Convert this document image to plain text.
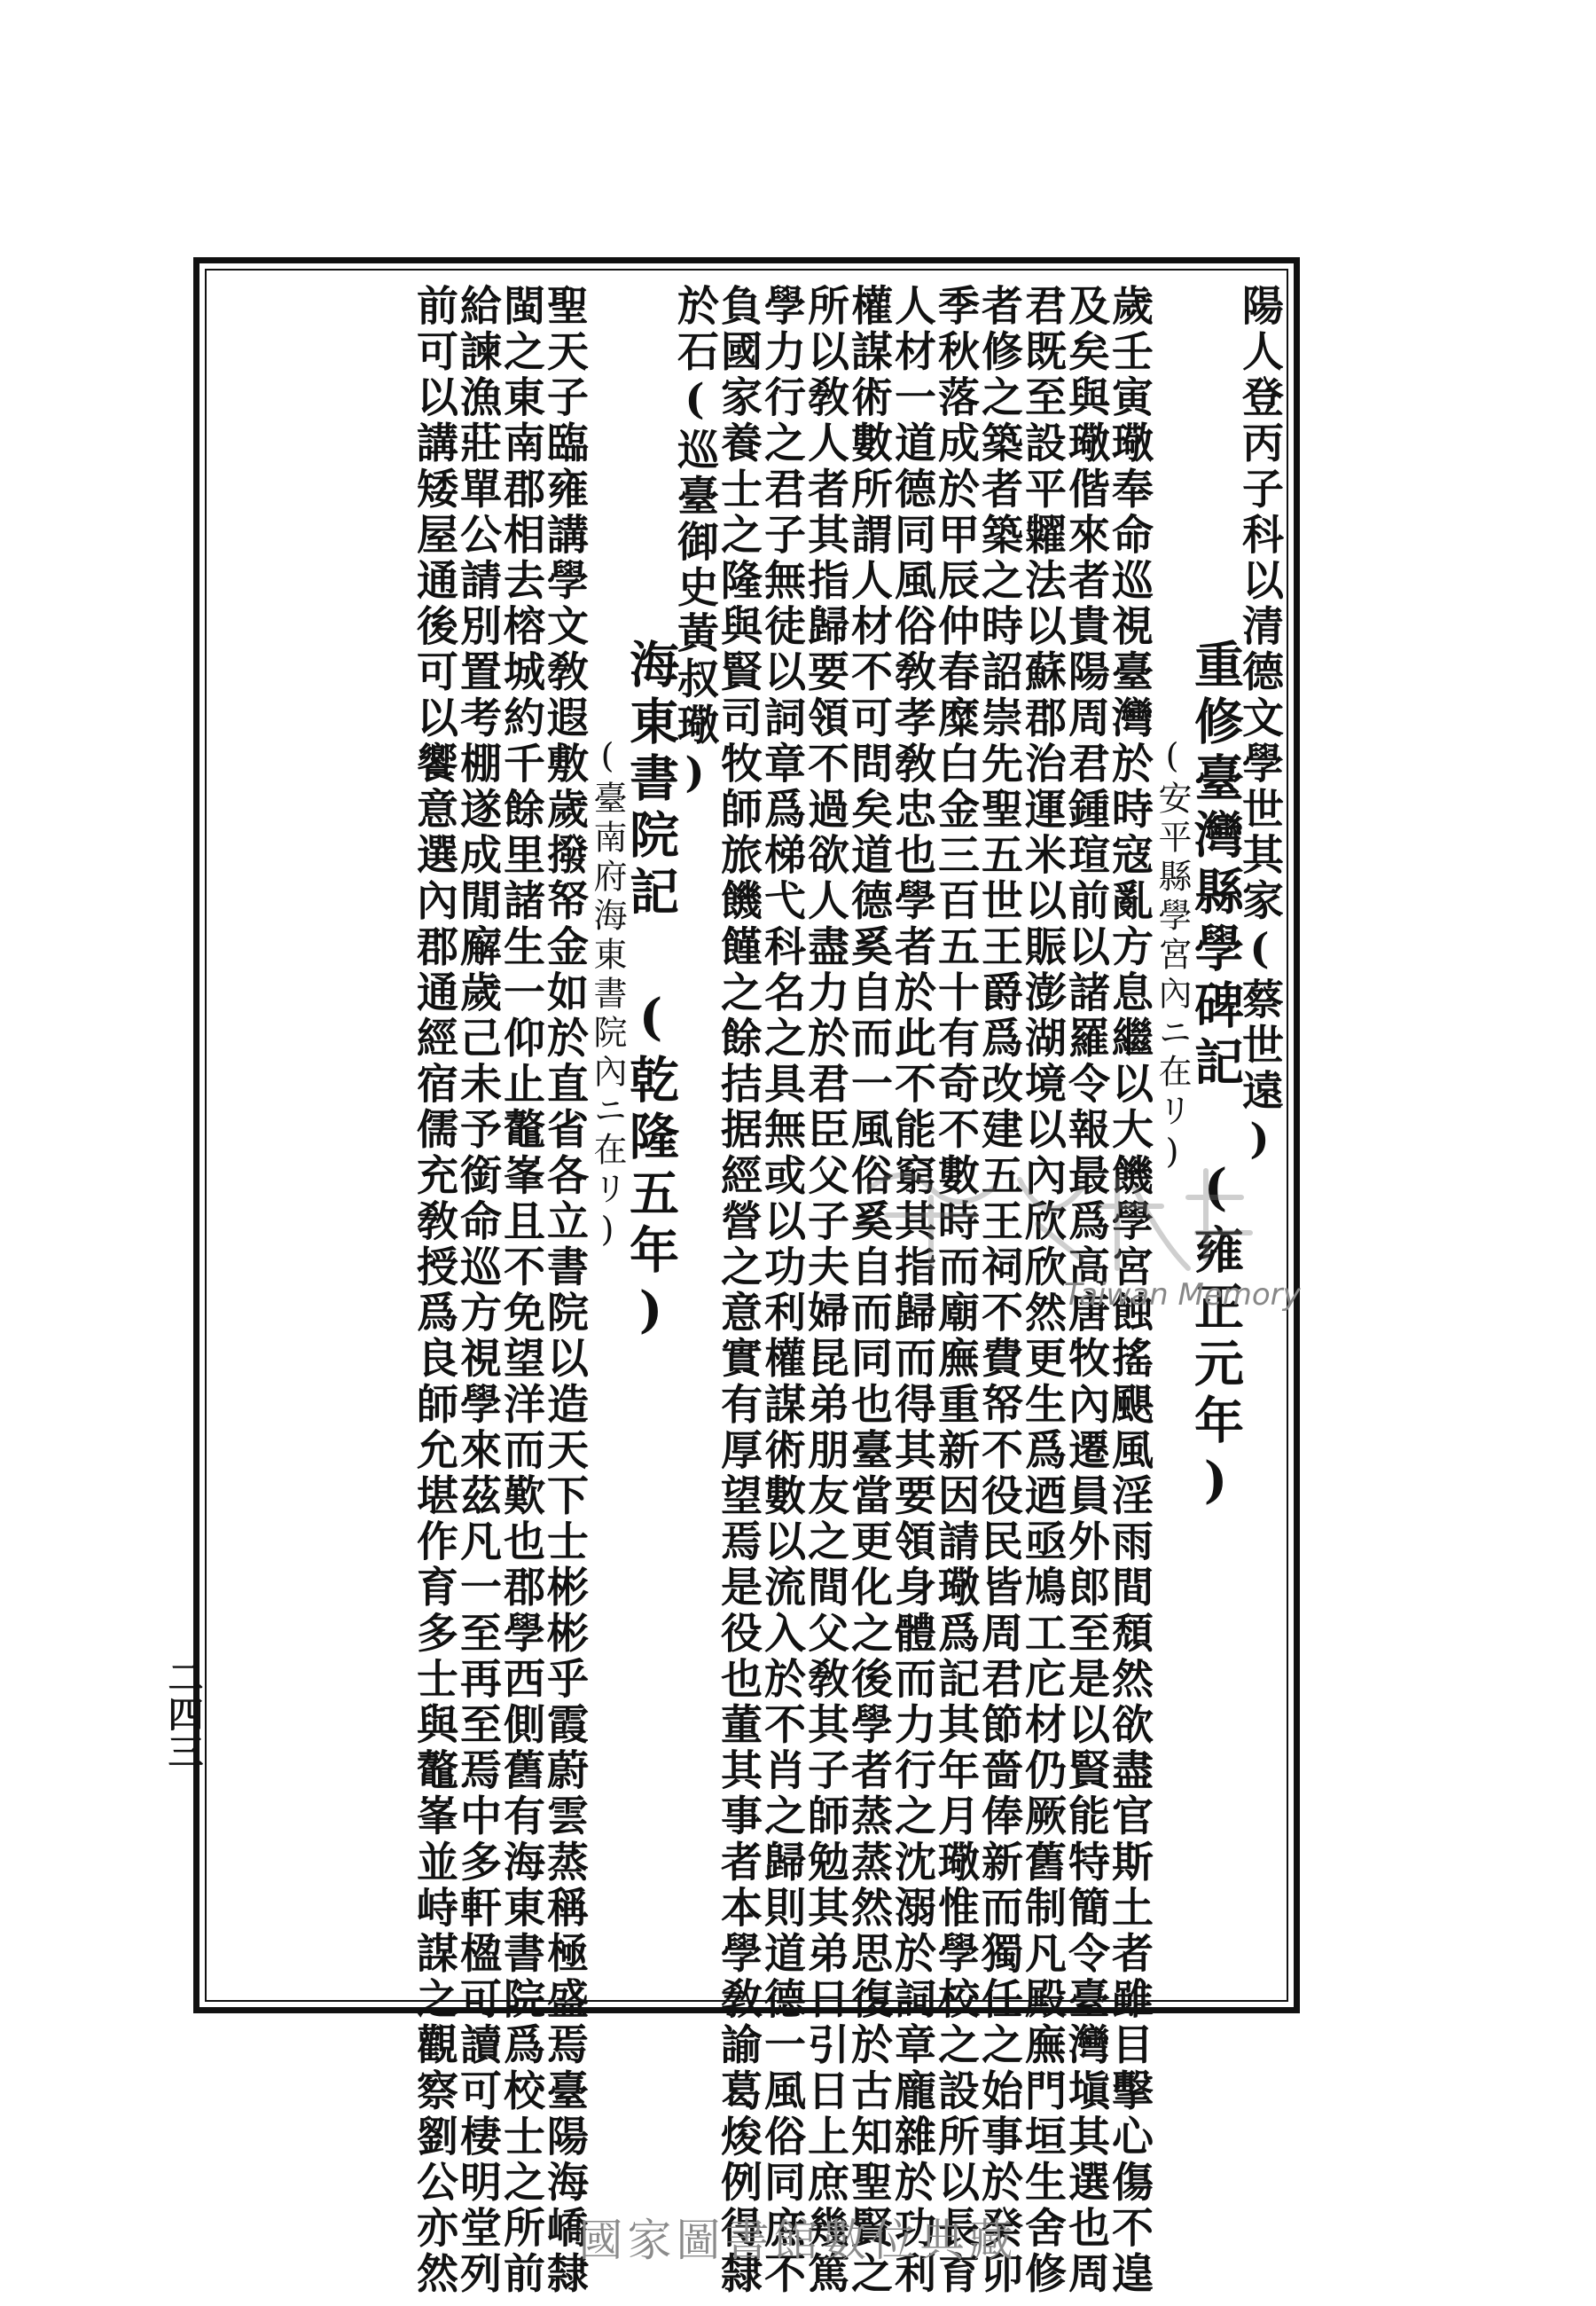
陽人登丙子科以清德文學世其家(蔡世遠)
重修臺灣縣學碑記 (雍正元年)
(安平縣學宮內ニ在リ)
歲壬寅璥奉命巡視臺灣於時寇亂方息繼以大饑學宮蝕搖颶風淫雨間頹然欲盡官斯土者雖目擊心傷不遑
及矣與璥偕來者貴陽周君鍾瑄前以諸羅令報最爲高唐牧內遷員外郎至是以賢能特簡令臺灣塡其選也周
君既至設平糶法以蘇郡治運米以賑澎湖境以內欣欣然更生爲迺亟鳩工庀材仍厥舊制凡殿廡門垣生舍修
者修之築者築之時詔崇先聖五世王爵爲改建五王祠不費帑不役民皆周君節嗇俸新而獨任之始事於癸卯
季秋落成於甲辰仲春糜白金三百五十有奇不數時而廟廡重新因請璥爲記其年月璥惟學校之設所以長育
人材一道德同風俗敎孝敎忠也學者於此不能窮其指歸而得其要領身體而力行之沈溺於詞章龐雜於功利
權謀術數所謂人材不可問矣道德奚自而一風俗奚自而同也臺當更化之後學者蒸蒸然思復於古知聖賢之
所以敎人者其指歸要領不過欲人盡力於君臣父子夫婦昆弟朋友之間父敎其子師勉其弟日引日上庶幾篤
學力行之君子無徒以詞章爲梯弋科名之具無或以功利權謀術數以流入於不肖之歸則道德一風俗同庶不
負國家養士之隆與賢司牧師旅饑饉之餘拮据經營之意實有厚望焉是役也董其事者本學敎諭葛焌例得隸
於石(巡臺御史黃叔璥)
海東書院記 (乾隆五年)
(臺南府海東書院內ニ在リ)
聖天子臨雍講學文敎遐敷歲撥帑金如於直省各立書院以造天下士彬彬乎霞蔚雲蒸稱極盛焉臺陽海嶠隸
閩之東南郡相去榕城約千餘里諸生一仰止鼇峯且不免望洋而歎也郡學西側舊有海東書院爲校士之所前
給諫漁莊單公請別置考棚遂成閒廨歲己未予銜命巡方視學來茲凡一至再至焉中多軒楹可讀可棲明堂列
前可以講矮屋通後可以饗意選內郡通經宿儒充敎授爲良師允堪作育多士與鼇峯並峙謀之觀察劉公亦然	Taiwan Memory
二四三
國家圖書館數位典藏
